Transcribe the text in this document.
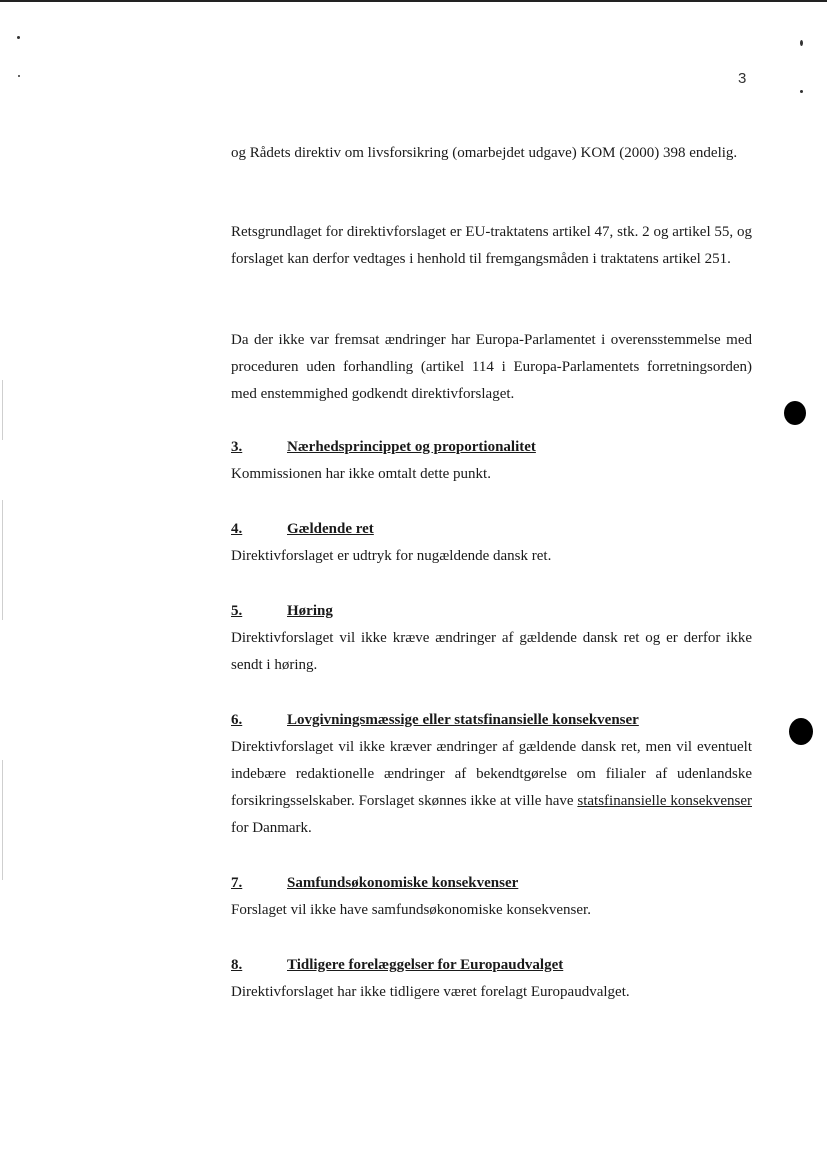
3

og Rådets direktiv om livsforsikring (omarbejdet udgave) KOM (2000) 398 endelig.

Retsgrundlaget for direktivforslaget er EU-traktatens artikel 47, stk. 2 og artikel 55, og forslaget kan derfor vedtages i henhold til fremgangsmåden i traktatens artikel 251.

Da der ikke var fremsat ændringer har Europa-Parlamentet i overensstemmelse med proceduren uden forhandling (artikel 114 i Europa-Parlamentets forretningsorden) med enstemmighed godkendt direktivforslaget.

3.	Nærhedsprincippet og proportionalitet

Kommissionen har ikke omtalt dette punkt.

4.	Gældende ret

Direktivforslaget er udtryk for nugældende dansk ret.

5.	Høring

Direktivforslaget vil ikke kræve ændringer af gældende dansk ret og er derfor ikke sendt i høring.

6.	Lovgivningsmæssige eller statsfinansielle konsekvenser

Direktivforslaget vil ikke kræver ændringer af gældende dansk ret, men vil eventuelt indebære redaktionelle ændringer af bekendtgørelse om filialer af udenlandske forsikringsselskaber. Forslaget skønnes ikke at ville have statsfinansielle konsekvenser for Danmark.

7.	Samfundsøkonomiske konsekvenser

Forslaget vil ikke have samfundsøkonomiske konsekvenser.

8.	Tidligere forelæggelser for Europaudvalget

Direktivforslaget har ikke tidligere været forelagt Europaudvalget.
